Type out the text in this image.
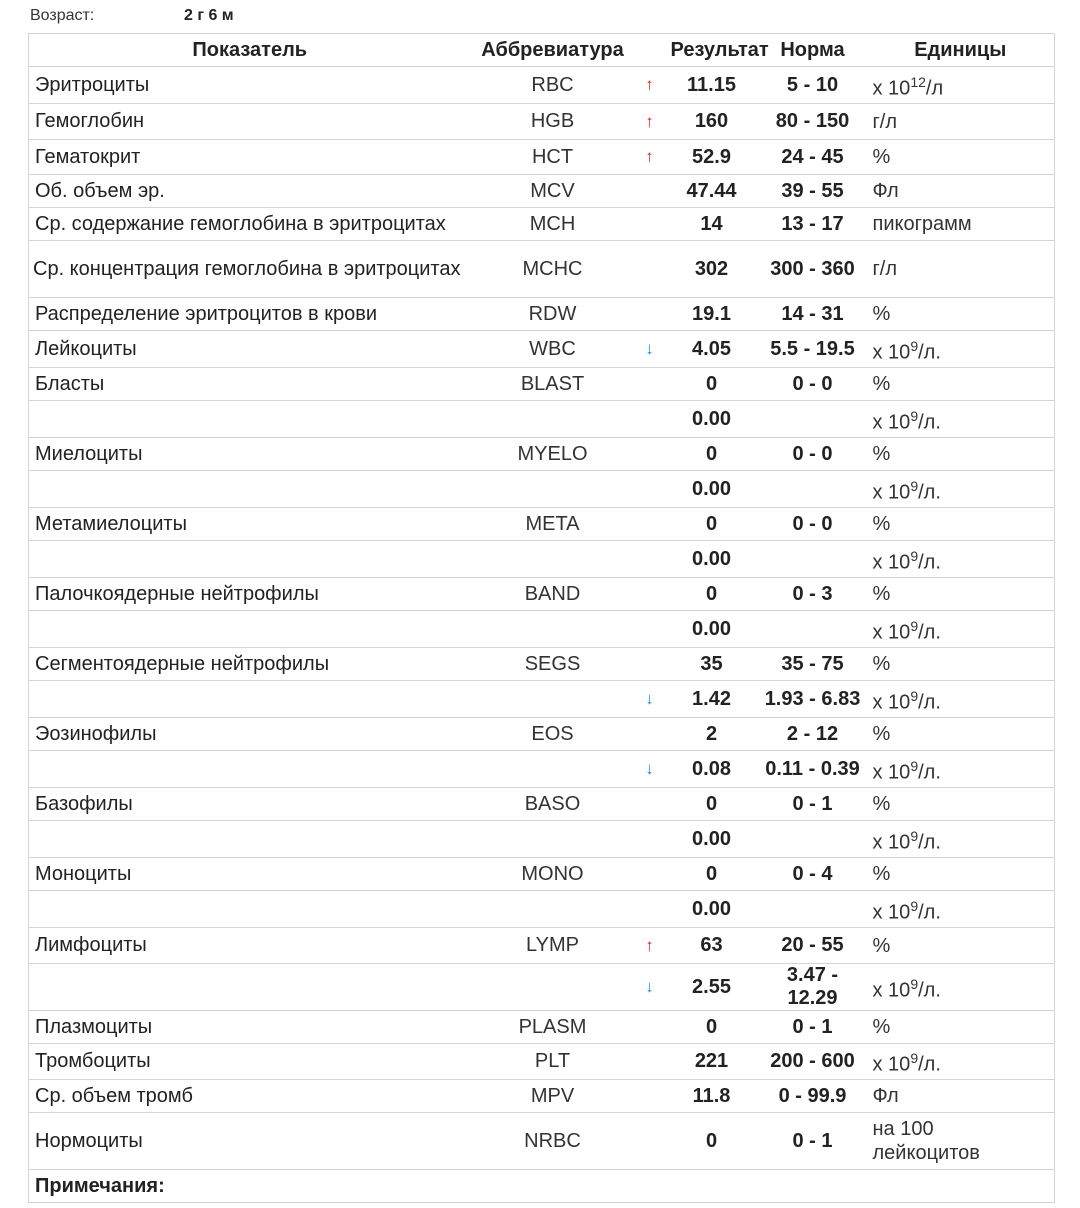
Возраст:	2 г 6 м
Показатель	Аббревиатура		Результат	Норма	Единицы
Эритроциты	RBC	↑	11.15	5 - 10	x $10^{12}/л$
Гемоглобин	HGB	↑	160	80 - 150	г/л
Гематокрит	HCT	↑	52.9	24 - 45	%
Об. объем эр.	MCV		47.44	39 - 55	Фл
Ср. содержание гемоглобина в эритроцитах	MCH		14	13 - 17	пикограмм
Ср. концентрация гемоглобина в эритроцитах	MCHC		302	300 - 360	г/л
Распределение эритроцитов в крови	RDW		19.1	14 - 31	%
Лейкоциты	WBC	↓	4.05	5.5 - 19.5	x $10^9/л$.
Бласты	BLAST		0	0 - 0	%
			0.00		x $10^9/л$.
Миелоциты	MYELO		0	0 - 0	%
			0.00		x $10^9/л$.
Метамиелоциты	META		0	0 - 0	%
			0.00		x $10^9/л$.
Палочкоядерные нейтрофилы	BAND		0	0 - 3	%
			0.00		x $10^9/л$.
Сегментоядерные нейтрофилы	SEGS		35	35 - 75	%
		↓	1.42	1.93 - 6.83	x $10^9/л$.
Эозинофилы	EOS		2	2 - 12	%
		↓	0.08	0.11 - 0.39	x $10^9/л$.
Базофилы	BASO		0	0 - 1	%
			0.00		x $10^9/л$.
Моноциты	MONO		0	0 - 4	%
			0.00		x $10^9/л$.
Лимфоциты	LYMP	↑	63	20 - 55	%
		↓	2.55	3.47 - 12.29	x $10^9/л$.
Плазмоциты	PLASM		0	0 - 1	%
Тромбоциты	PLT		221	200 - 600	x $10^9/л$.
Ср. объем тромб	MPV		11.8	0 - 99.9	Фл
Нормоциты	NRBC		0	0 - 1	на 100 лейкоцитов
Примечания:					
